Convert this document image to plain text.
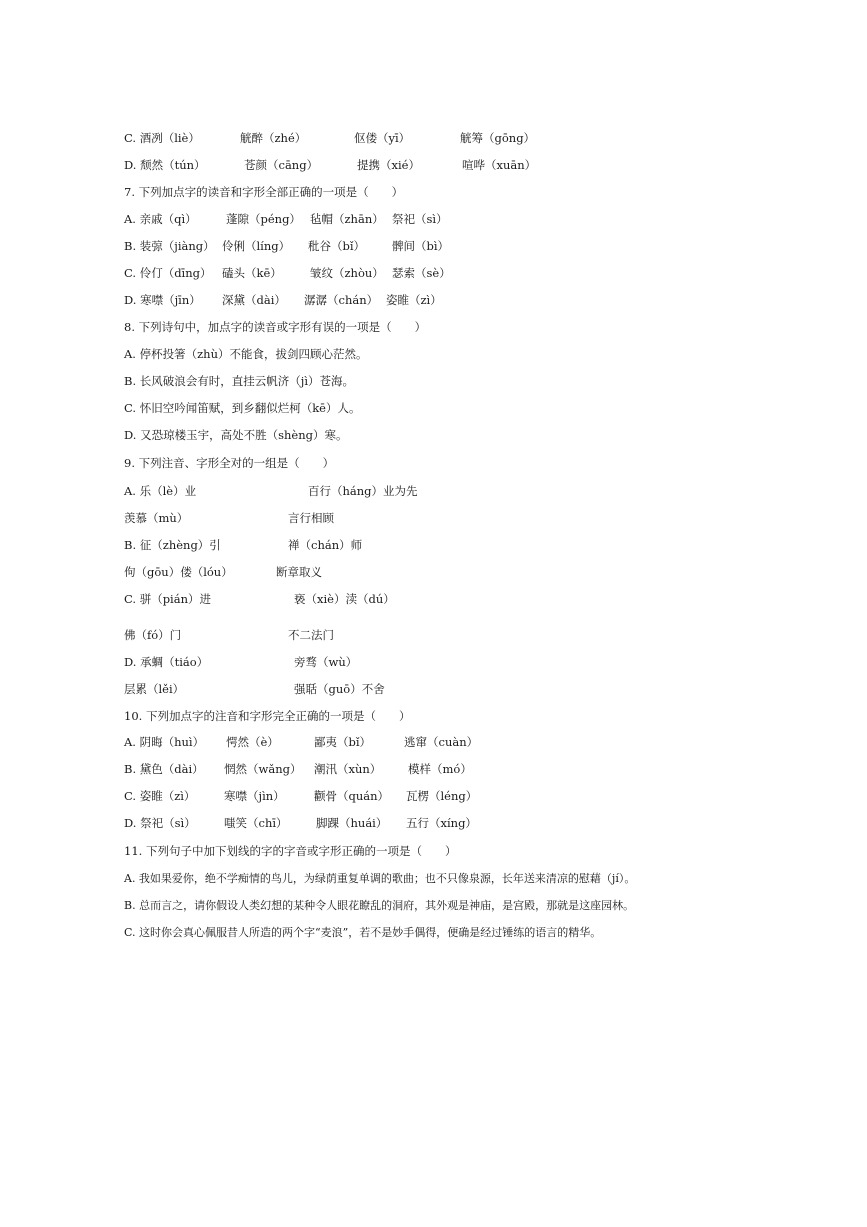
C. 酒冽（liè）	觥醉（zhé）	伛偻（yī）	觥筹（gōng）
D. 颓然（tún）	苍颜（cāng）	提携（xié）	喧哗（xuān）
7. 下列加点字的读音和字形全部正确的一项是（　　）
A. 亲戚（qì）	蓬隙（péng） 毡帽（zhān） 祭祀（sì）
B. 装弶（jiàng） 伶俐（líng） 秕谷（bǐ） 髀间（bì）
C. 伶仃（dīng） 磕头（kē） 皱纹（zhòu） 瑟索（sè）
D. 寒噤（jīn） 深黛（dài） 潺潺（chán） 姿睢（zì）
8. 下列诗句中，加点字的读音或字形有误的一项是（　　）
A. 停杯投箸（zhù）不能食，拔剑四顾心茫然。
B. 长风破浪会有时，直挂云帆济（jì）苍海。
C. 怀旧空吟闻笛赋，到乡翻似烂柯（kē）人。
D. 又恐琼楼玉宇，高处不胜（shèng）寒。
9. 下列注音、字形全对的一组是（　　）
A. 乐（lè）业	百行（háng）业为先
羡慕（mù）	言行相顾
B. 征（zhèng）引	禅（chán）师
佝（gōu）偻（lóu）	断章取义
C. 骈（pián）进	亵（xiè）渎（dú）
佛（fó）门	不二法门
D. 承蜩（tiáo）	旁骛（wù）
层累（lěi）	强聒（guō）不舍
10. 下列加点字的注音和字形完全正确的一项是（　　）
A. 阴晦（huì） 愕然（è）	鄙夷（bǐ）	逃窜（cuàn）
B. 黛色（dài） 惘然（wǎng） 潮汛（xùn） 模样（mó）
C. 姿睢（zì） 寒噤（jìn）	颧骨（quán） 瓦楞（léng）
D. 祭祀（sì） 嗤笑（chī） 脚踝（huái） 五行（xíng）
11. 下列句子中加下划线的字的字音或字形正确的一项是（　　）
A. 我如果爱你，绝不学痴情的鸟儿，为绿荫重复单调的歌曲；也不只像泉源，长年送来清凉的慰藉（jí）。
B. 总而言之，请你假设人类幻想的某种令人眼花瞭乱的洞府，其外观是神庙，是宫殿，那就是这座园林。
C. 这时你会真心佩服昔人所造的两个字“麦浪”，若不是妙手偶得，便确是经过锤练的语言的精华。
